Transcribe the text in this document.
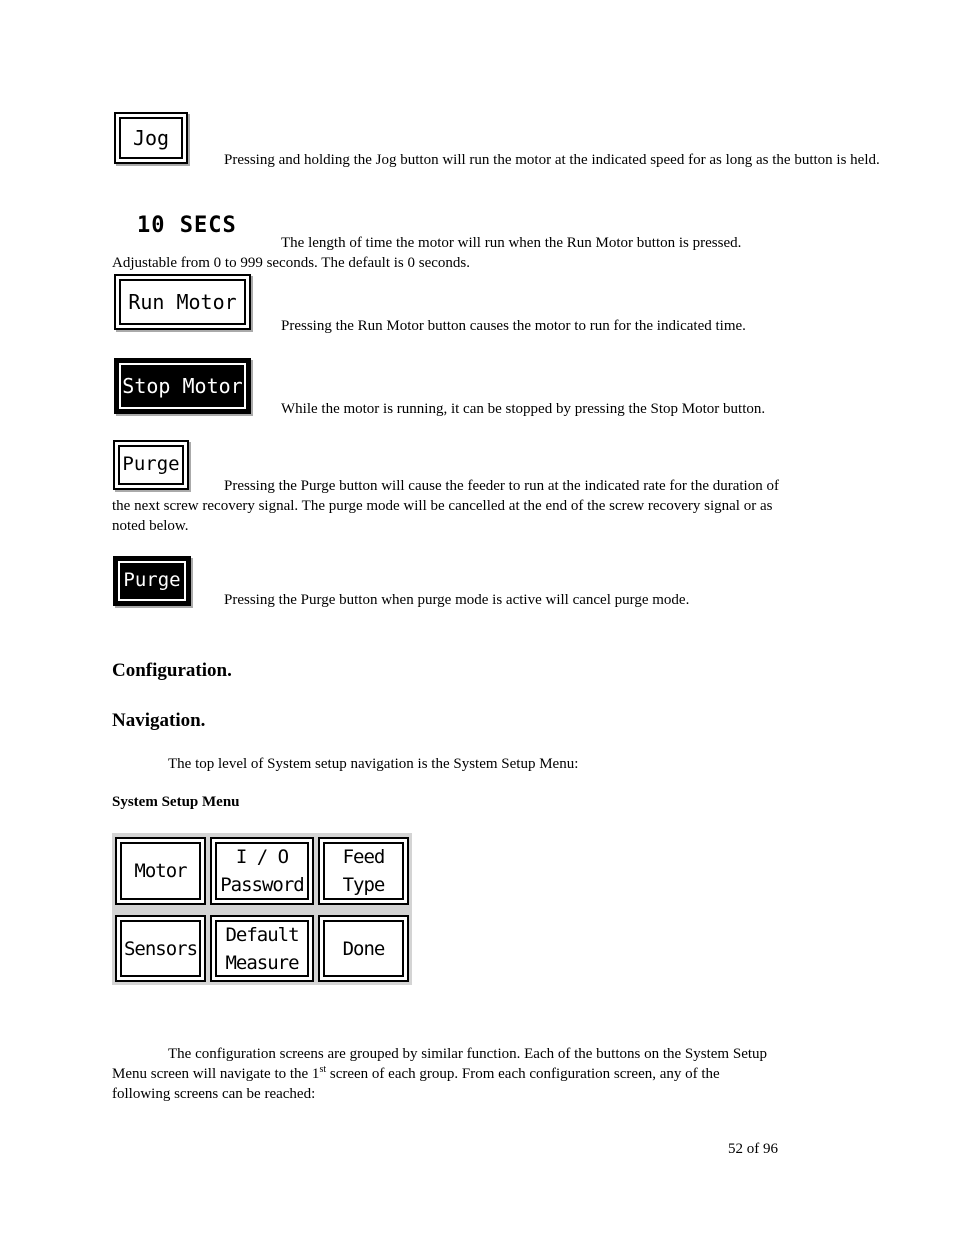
Jog
Pressing and holding the Jog button will run the motor at the indicated speed for as long as the button is held.
10 SECS
The length of time the motor will run when the Run Motor button is pressed.
Adjustable from 0 to 999 seconds. The default is 0 seconds.
Run Motor
Pressing the Run Motor button causes the motor to run for the indicated time.
Stop Motor
While the motor is running, it can be stopped by pressing the Stop Motor button.
Purge
Pressing the Purge button will cause the feeder to run at the indicated rate for the duration of
the next screw recovery signal. The purge mode will be cancelled at the end of the screw recovery signal or as
noted below.
Purge
Pressing the Purge button when purge mode is active will cancel purge mode.
Configuration.
Navigation.
The top level of System setup navigation is the System Setup Menu:
System Setup Menu
Motor
I / O
Password
Feed
Type
Sensors
Default
Measure
Done
The configuration screens are grouped by similar function. Each of the buttons on the System Setup
Menu screen will navigate to the 1st screen of each group. From each configuration screen, any of the
following screens can be reached:
52 of 96
